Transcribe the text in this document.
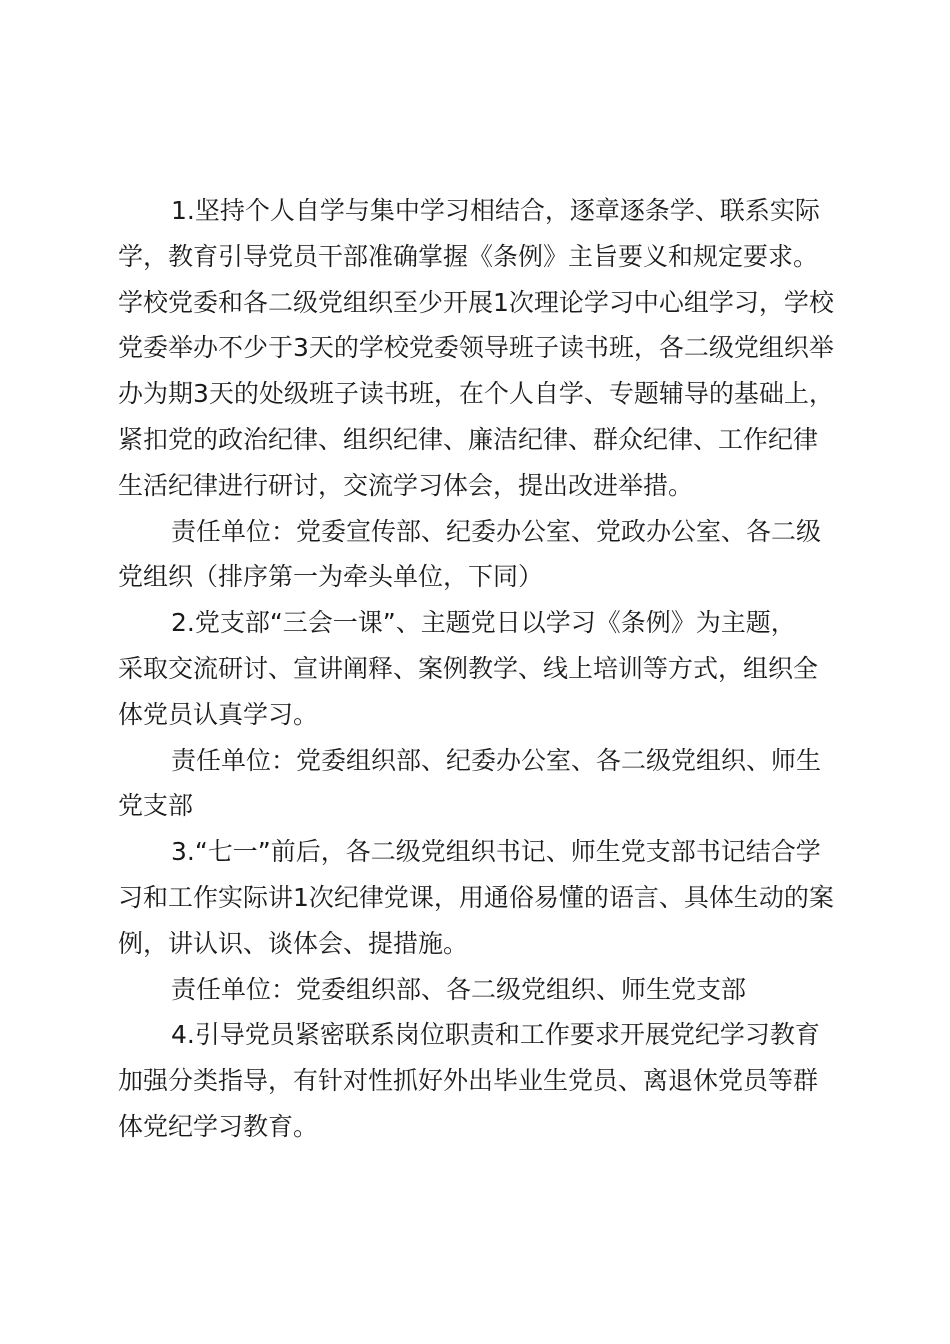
1.坚持个人自学与集中学习相结合，逐章逐条学、联系实际
学，教育引导党员干部准确掌握《条例》主旨要义和规定要求。
学校党委和各二级党组织至少开展1次理论学习中心组学习，学校
党委举办不少于3天的学校党委领导班子读书班，各二级党组织举
办为期3天的处级班子读书班，在个人自学、专题辅导的基础上，
紧扣党的政治纪律、组织纪律、廉洁纪律、群众纪律、工作纪律
生活纪律进行研讨，交流学习体会，提出改进举措。
责任单位：党委宣传部、纪委办公室、党政办公室、各二级
党组织（排序第一为牵头单位，下同）
2.党支部“三会一课”、主题党日以学习《条例》为主题，
采取交流研讨、宣讲阐释、案例教学、线上培训等方式，组织全
体党员认真学习。
责任单位：党委组织部、纪委办公室、各二级党组织、师生
党支部
3.“七一”前后，各二级党组织书记、师生党支部书记结合学
习和工作实际讲1次纪律党课，用通俗易懂的语言、具体生动的案
例，讲认识、谈体会、提措施。
责任单位：党委组织部、各二级党组织、师生党支部
4.引导党员紧密联系岗位职责和工作要求开展党纪学习教育
加强分类指导，有针对性抓好外出毕业生党员、离退休党员等群
体党纪学习教育。
